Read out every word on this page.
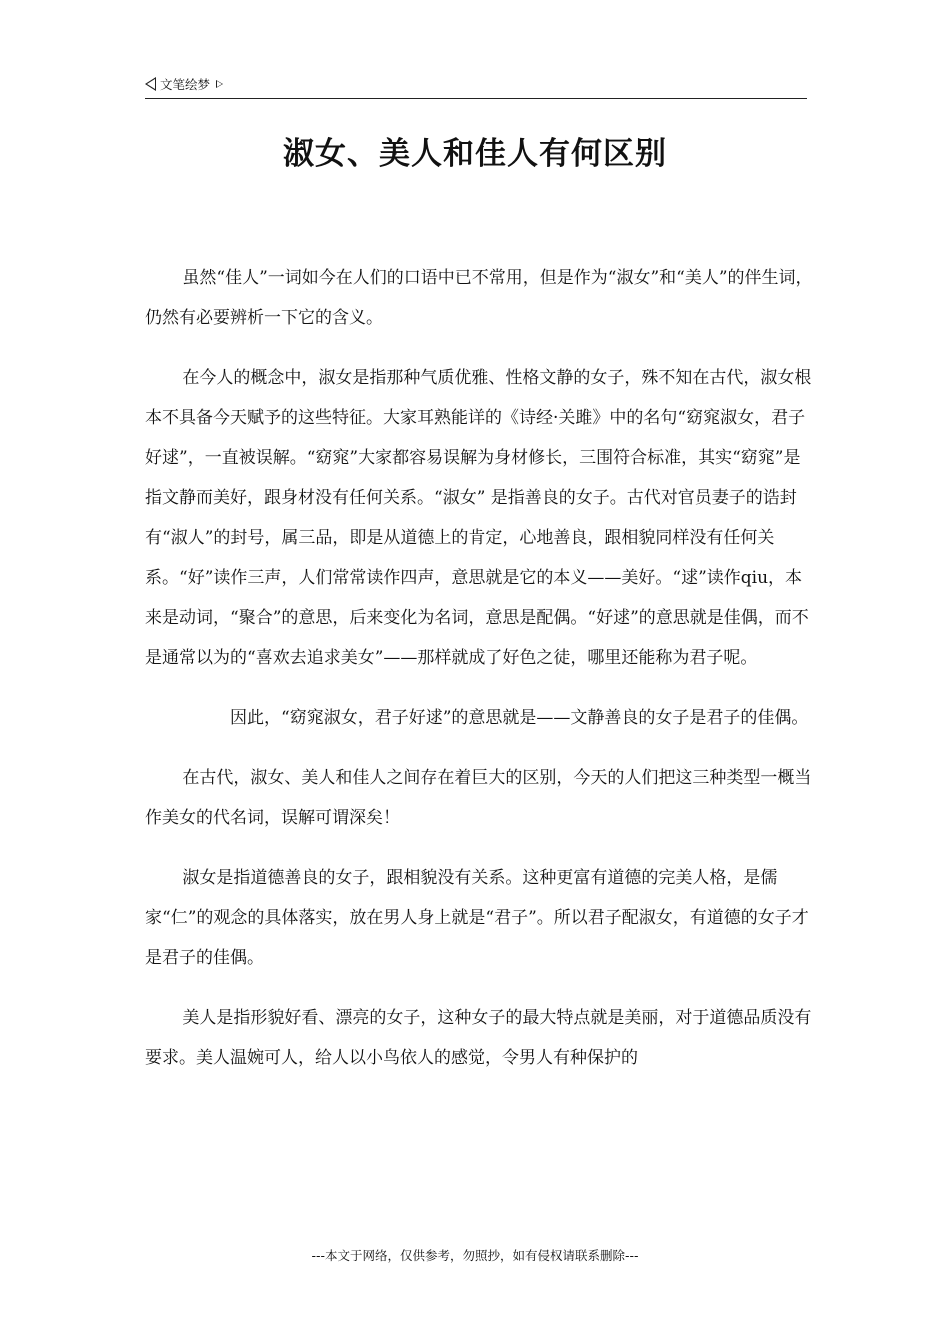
文笔绘梦
淑女、美人和佳人有何区别

虽然“佳人”一词如今在人们的口语中已不常用，但是作为“淑女”和“美人”的伴生词，仍然有必要辨析一下它的含义。

在今人的概念中，淑女是指那种气质优雅、性格文静的女子，殊不知在古代，淑女根本不具备今天赋予的这些特征。大家耳熟能详的《诗经·关雎》中的名句“窈窕淑女，君子好逑”，一直被误解。“窈窕”大家都容易误解为身材修长，三围符合标准，其实“窈窕”是指文静而美好，跟身材没有任何关系。“淑女” 是指善良的女子。古代对官员妻子的诰封有“淑人”的封号，属三品，即是从道德上的肯定，心地善良，跟相貌同样没有任何关系。“好”读作三声，人们常常读作四声，意思就是它的本义——美好。“逑”读作qiu，本来是动词，“聚合”的意思，后来变化为名词，意思是配偶。“好逑”的意思就是佳偶，而不是通常以为的“喜欢去追求美女”——那样就成了好色之徒，哪里还能称为君子呢。

因此，“窈窕淑女，君子好逑”的意思就是——文静善良的女子是君子的佳偶。

在古代，淑女、美人和佳人之间存在着巨大的区别，今天的人们把这三种类型一概当作美女的代名词，误解可谓深矣！

淑女是指道德善良的女子，跟相貌没有关系。这种更富有道德的完美人格，是儒家“仁”的观念的具体落实，放在男人身上就是“君子”。所以君子配淑女，有道德的女子才是君子的佳偶。

美人是指形貌好看、漂亮的女子，这种女子的最大特点就是美丽，对于道德品质没有要求。美人温婉可人，给人以小鸟依人的感觉，令男人有种保护的

---本文于网络，仅供参考，勿照抄，如有侵权请联系删除---
